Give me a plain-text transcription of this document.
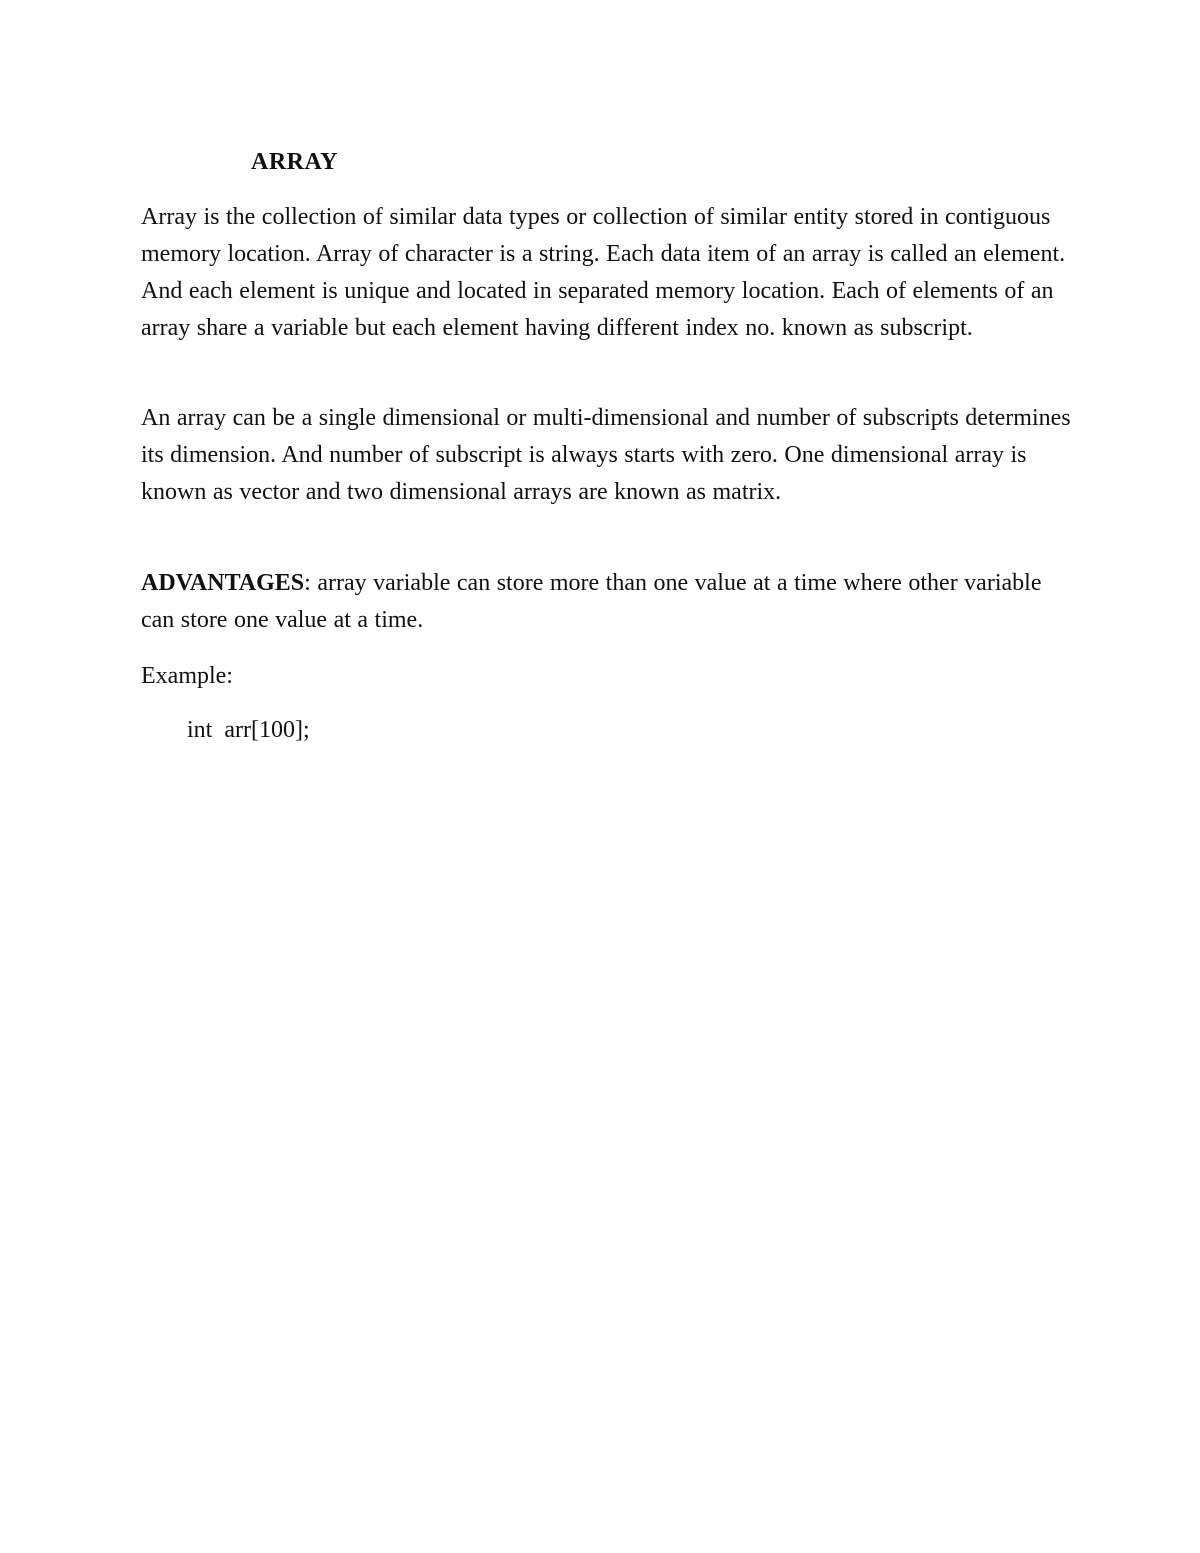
ARRAY

Array is the collection of similar data types or collection of similar entity stored in contiguous memory location. Array of character is a string. Each data item of an array is called an element. And each element is unique and located in separated memory location. Each of elements of an array share a variable but each element having different index no. known as subscript.

An array can be a single dimensional or multi-dimensional and number of subscripts determines its dimension. And number of subscript is always starts with zero. One dimensional array is known as vector and two dimensional arrays are known as matrix.

ADVANTAGES: array variable can store more than one value at a time where other variable can store one value at a time.

Example:

int  arr[100];
